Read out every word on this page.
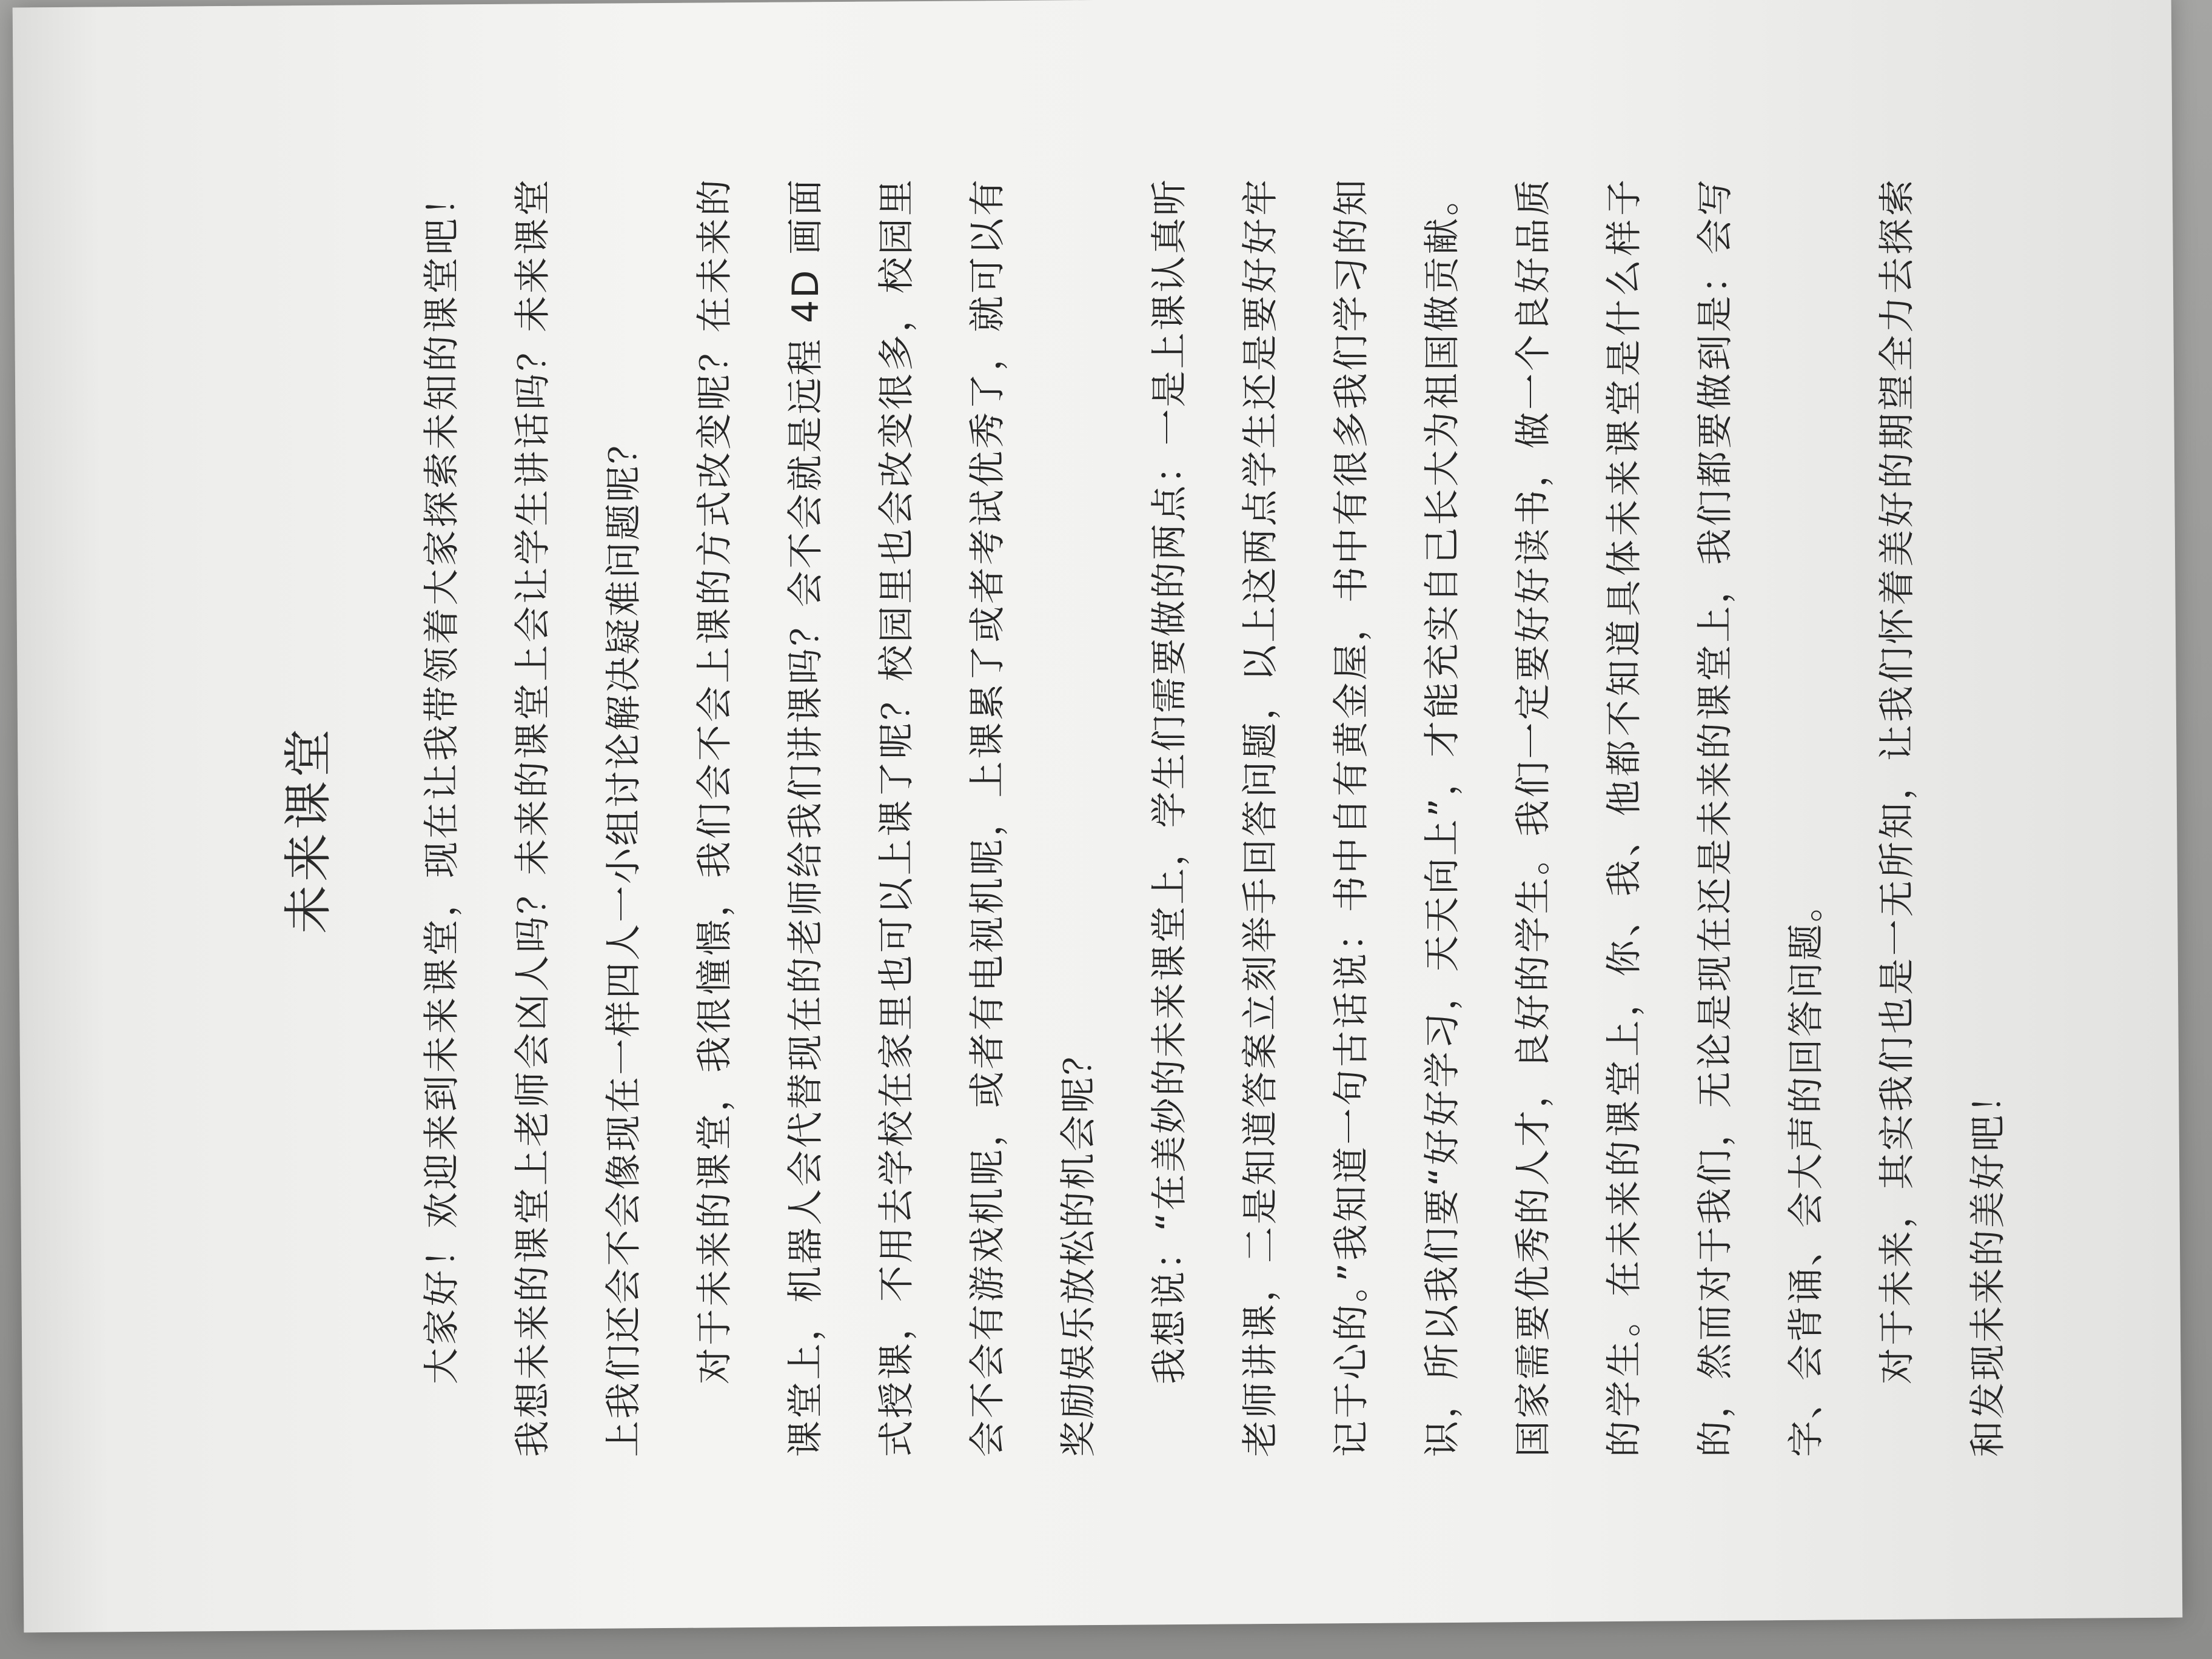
未来课堂	大家好！欢迎来到未来课堂，现在让我带领着大家探索未知的课堂吧！我想未来的课堂上老师会凶人吗？未来的课堂上会让学生讲话吗？未来课堂上我们还会不会像现在一样四人一小组讨论解决疑难问题呢？	对于未来的课堂，我很憧憬，我们会不会上课的方式改变呢？在未来的课堂上，机器人会代替现在的老师给我们讲课吗？会不会就是远程 4D 画面式授课，不用去学校在家里也可以上课了呢？校园里也会改变很多，校园里会不会有游戏机呢，或者有电视机呢，上课累了或者考试优秀了，就可以有奖励娱乐放松的机会呢？	我想说：“在美妙的未来课堂上，学生们需要做的两点：一是上课认真听老师讲课，二是知道答案立刻举手回答问题，以上这两点学生还是要好好牢记于心的。”我知道一句古话说：书中自有黄金屋，书中有很多我们学习的知识，所以我们要“好好学习，天天向上”，才能充实自己长大为祖国做贡献。国家需要优秀的人才，良好的学生。我们一定要好好读书，做一个良好品质的学生。在未来的课堂上，你、我、他都不知道具体未来课堂是什么样子的，然而对于我们，无论是现在还是未来的课堂上，我们都要做到是：会写字、会背诵、会大声的回答问题。	对于未来，其实我们也是一无所知，让我们怀着美好的期望全力去探索和发现未来的美好吧！
